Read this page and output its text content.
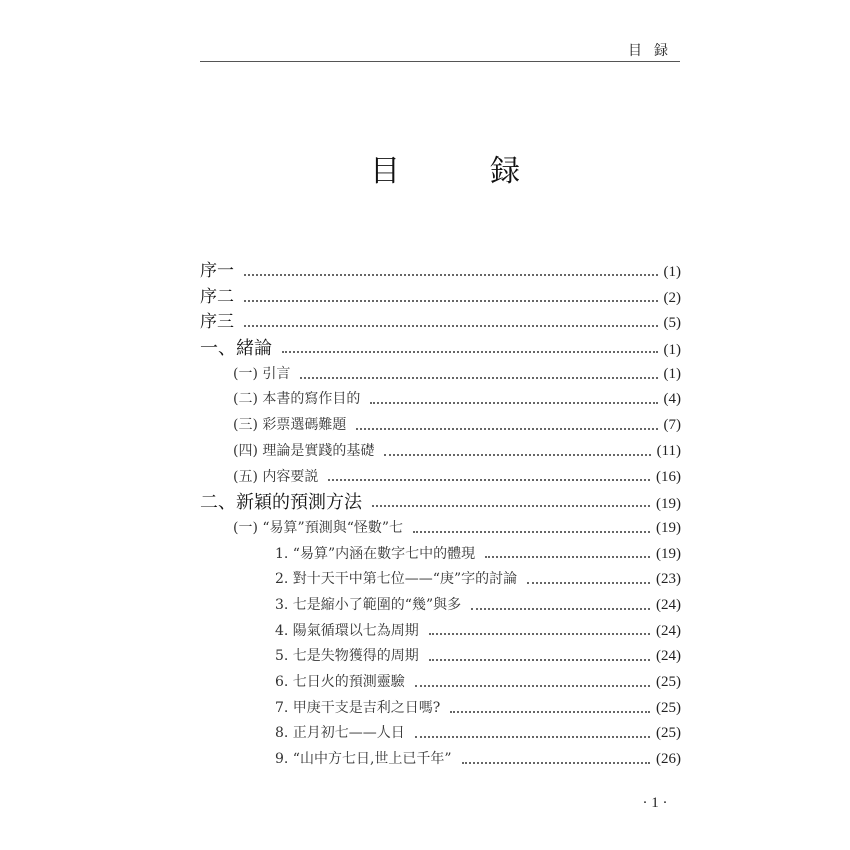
目録
目	録
序一	(1)
序二	(2)
序三	(5)
一、緒論	(1)
(一) 引言	(1)
(二) 本書的寫作目的	(4)
(三) 彩票選碼難題	(7)
(四) 理論是實踐的基礎	(11)
(五) 内容要説	(16)
二、新穎的預測方法	(19)
(一) “易算”預測與“怪數”七	(19)
1. “易算”内涵在數字七中的體現	(19)
2. 對十天干中第七位——“庚”字的討論	(23)
3. 七是縮小了範圍的“幾”與多	(24)
4. 陽氣循環以七為周期	(24)
5. 七是失物獲得的周期	(24)
6. 七日火的預測靈驗	(25)
7. 甲庚干支是吉利之日嗎?	(25)
8. 正月初七——人日	(25)
9. “山中方七日,世上已千年”	(26)
· 1 ·
